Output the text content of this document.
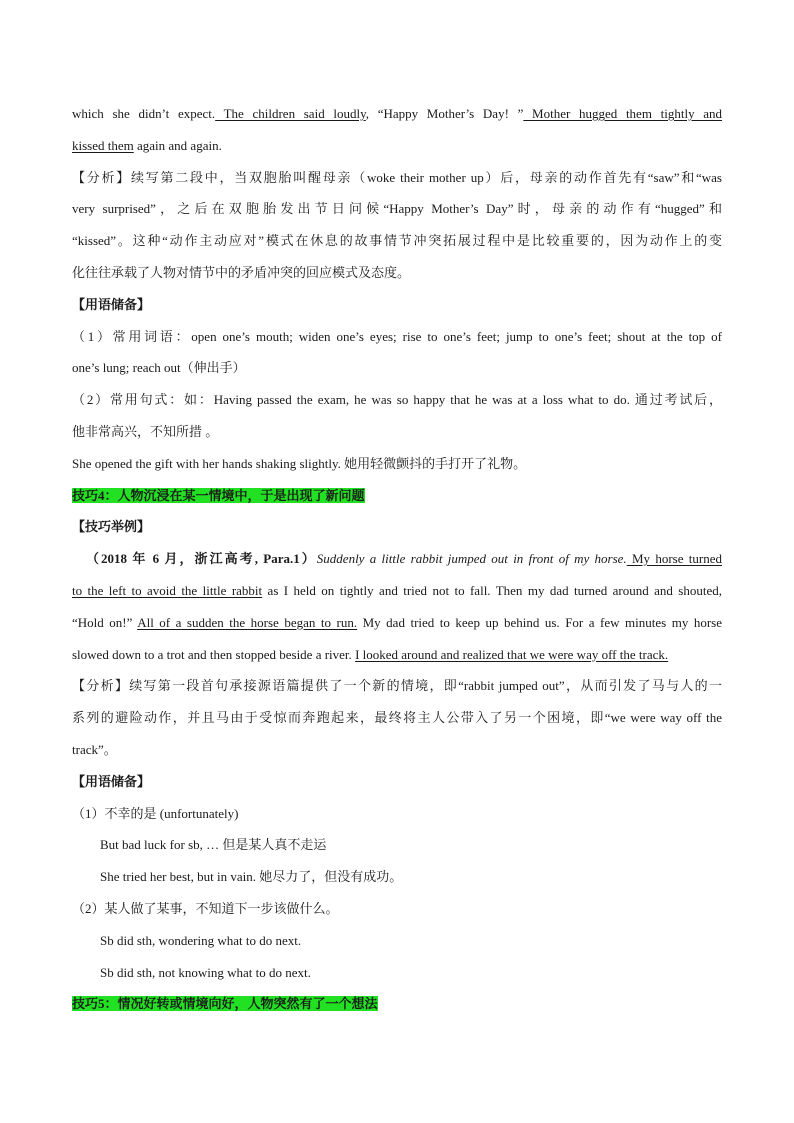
which she didn’t expect. The children said loudly, “Happy Mother’s Day! ” Mother hugged them tightly and
kissed them again and again.
【分析】续写第二段中，当双胞胎叫醒母亲（woke their mother up）后，母亲的动作首先有“saw”和“was
very surprised”，之后在双胞胎发出节日问候“Happy Mother’s Day”时，母亲的动作有“hugged”和
“kissed”。这种“动作主动应对”模式在休息的故事情节冲突拓展过程中是比较重要的，因为动作上的变
化往往承载了人物对情节中的矛盾冲突的回应模式及态度。
【用语储备】
（1）常用词语：open one’s mouth; widen one’s eyes; rise to one’s feet; jump to one’s feet; shout at the top of
one’s lung; reach out（伸出手）
（2）常用句式：如：Having passed the exam, he was so happy that he was at a loss what to do. 通过考试后，
他非常高兴，不知所措 。
She opened the gift with her hands shaking slightly. 她用轻微颤抖的手打开了礼物。
技巧4：人物沉浸在某一情境中，于是出现了新问题
【技巧举例】
（2018 年 6 月，浙江高考, Para.1）Suddenly a little rabbit jumped out in front of my horse. My horse turned
to the left to avoid the little rabbit as I held on tightly and tried not to fall. Then my dad turned around and shouted,
“Hold on!” All of a sudden the horse began to run. My dad tried to keep up behind us. For a few minutes my horse
slowed down to a trot and then stopped beside a river. I looked around and realized that we were way off the track.
【分析】续写第一段首句承接源语篇提供了一个新的情境，即“rabbit jumped out”，从而引发了马与人的一
系列的避险动作，并且马由于受惊而奔跑起来，最终将主人公带入了另一个困境，即“we were way off the
track”。
【用语储备】
（1）不幸的是 (unfortunately)
But bad luck for sb, … 但是某人真不走运
She tried her best, but in vain. 她尽力了，但没有成功。
（2）某人做了某事，不知道下一步该做什么。
Sb did sth, wondering what to do next.
Sb did sth, not knowing what to do next.
技巧5：情况好转或情境向好，人物突然有了一个想法
